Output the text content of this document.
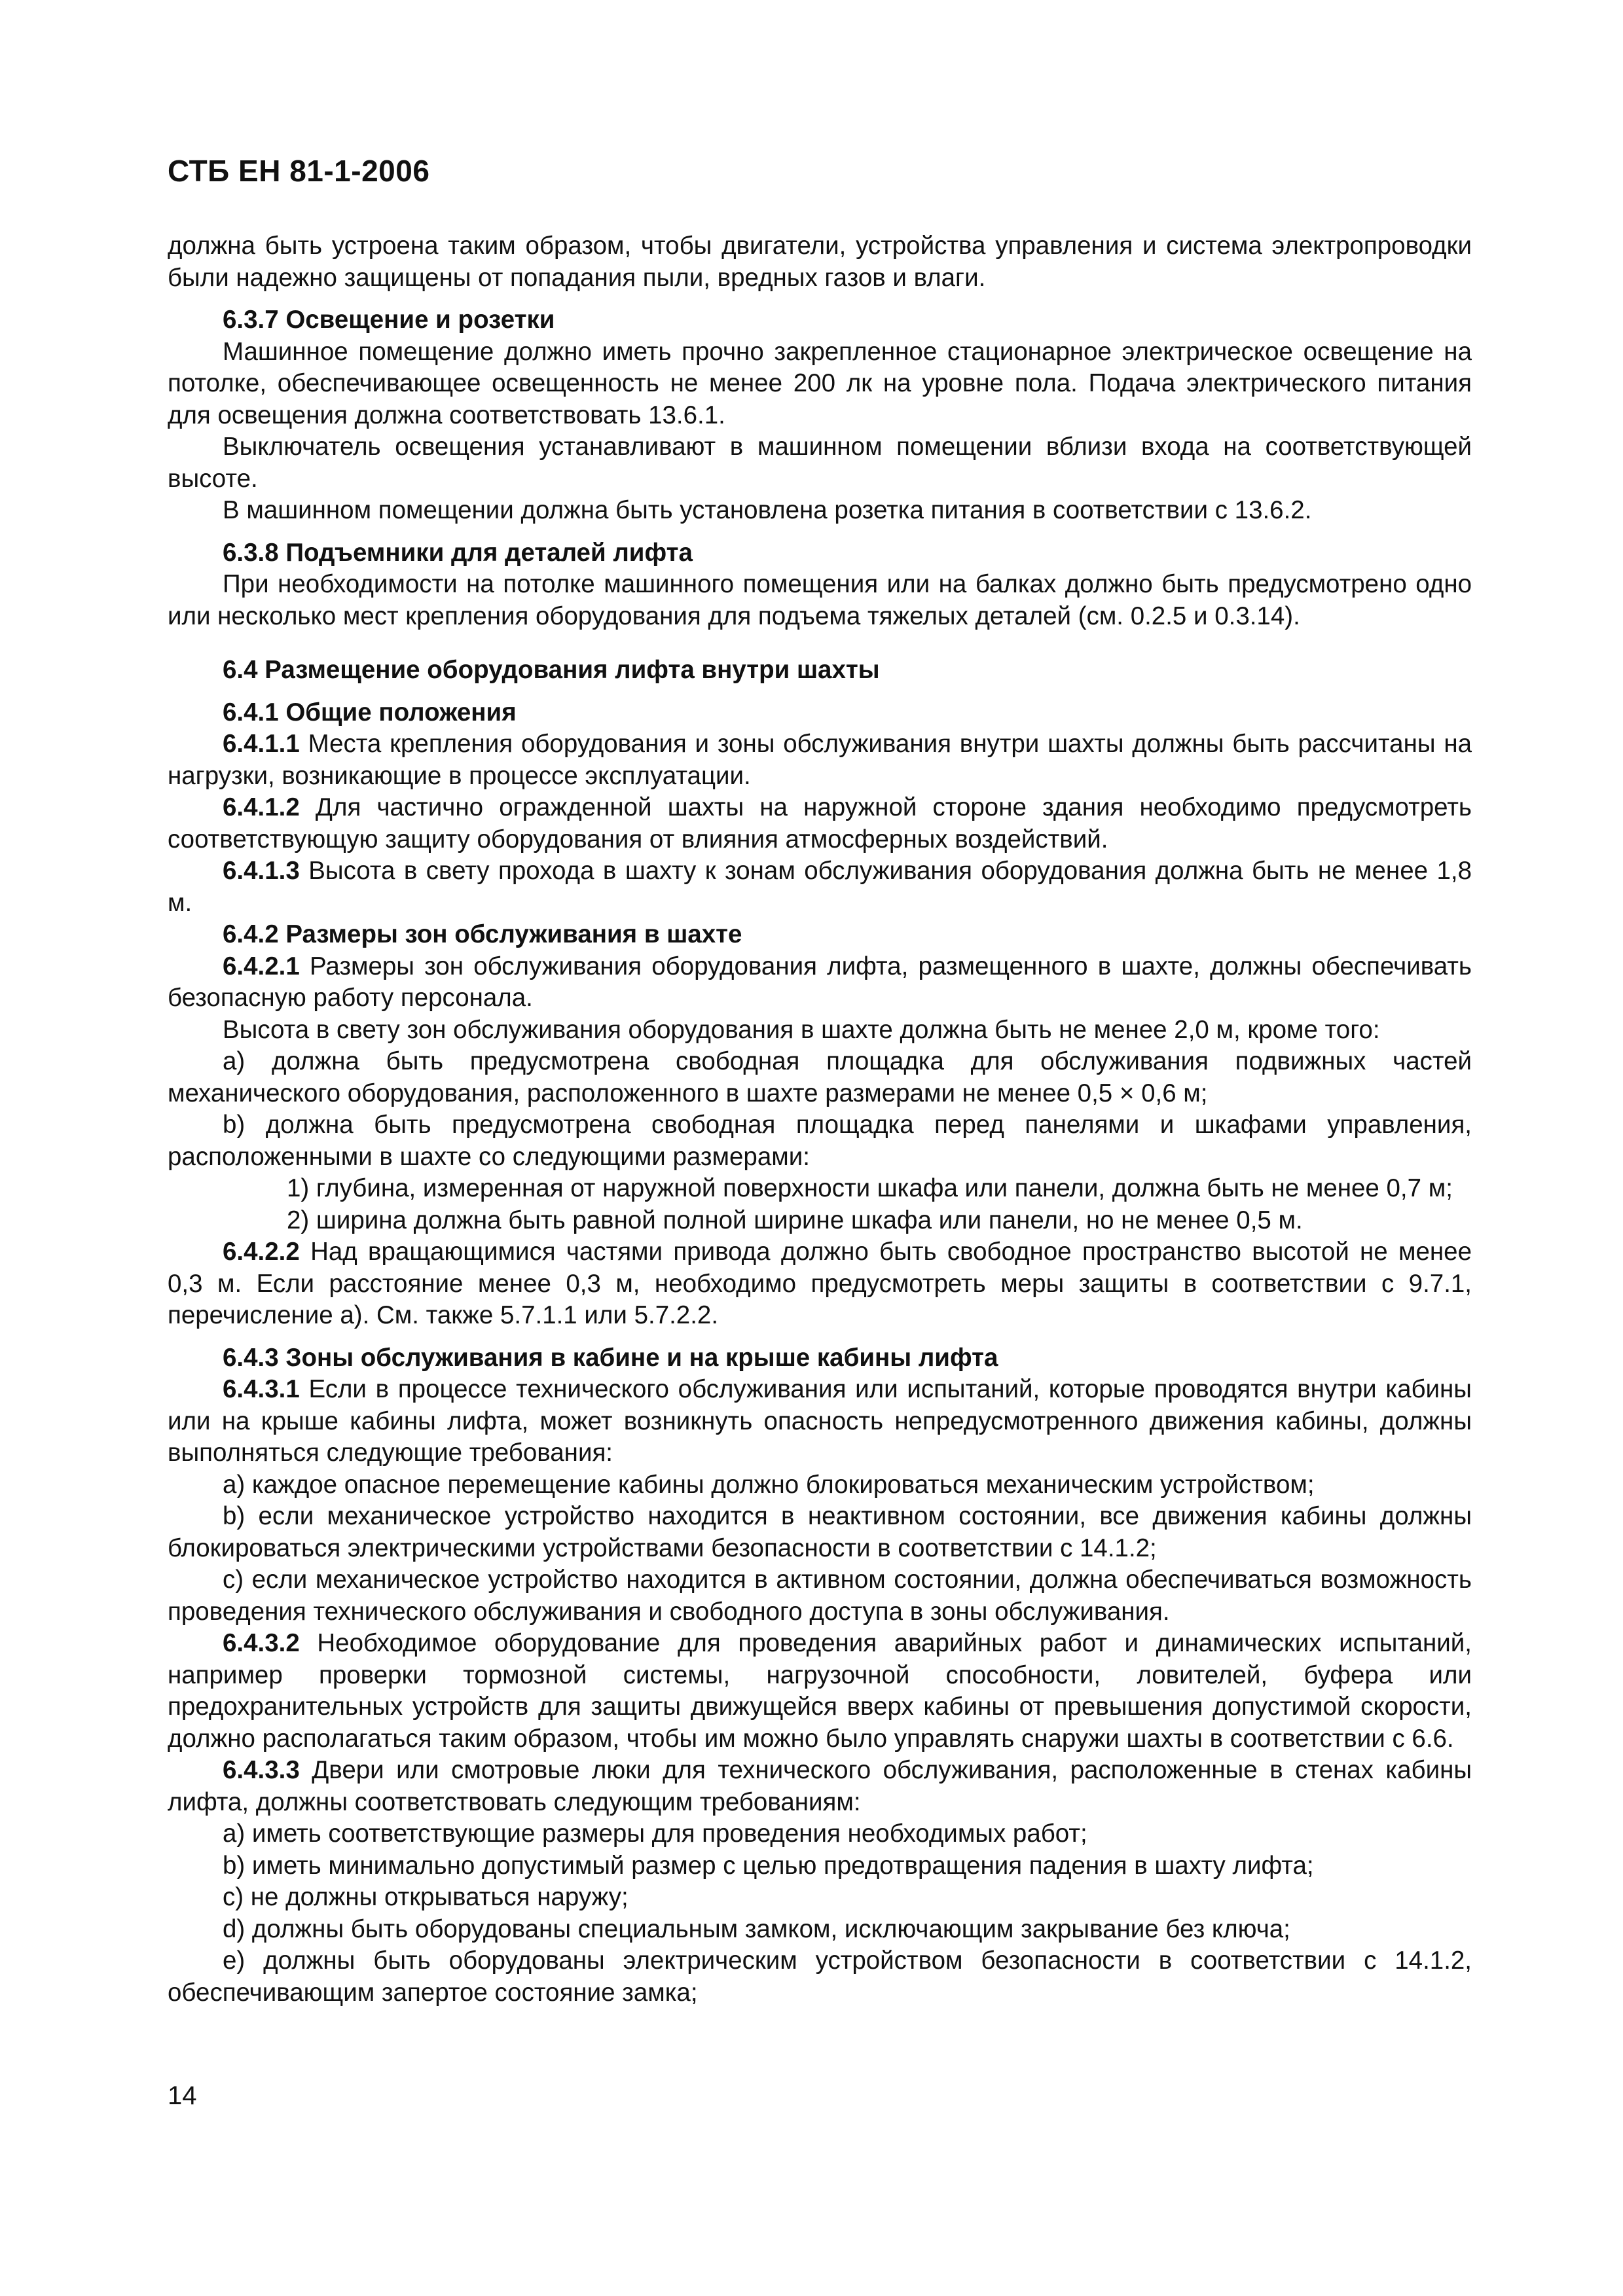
СТБ ЕН 81-1-2006

должна быть устроена таким образом, чтобы двигатели, устройства управления и система электропроводки были надежно защищены от попадания пыли, вредных газов и влаги.

6.3.7 Освещение и розетки

Машинное помещение должно иметь прочно закрепленное стационарное электрическое освещение на потолке, обеспечивающее освещенность не менее 200 лк на уровне пола. Подача электрического питания для освещения должна соответствовать 13.6.1.

Выключатель освещения устанавливают в машинном помещении вблизи входа на соответствующей высоте.

В машинном помещении должна быть установлена розетка питания в соответствии с 13.6.2.

6.3.8 Подъемники для деталей лифта

При необходимости на потолке машинного помещения или на балках должно быть предусмотрено одно или несколько мест крепления оборудования для подъема тяжелых деталей (см. 0.2.5 и 0.3.14).

6.4 Размещение оборудования лифта внутри шахты

6.4.1 Общие положения

6.4.1.1 Места крепления оборудования и зоны обслуживания внутри шахты должны быть рассчитаны на нагрузки, возникающие в процессе эксплуатации.

6.4.1.2 Для частично огражденной шахты на наружной стороне здания необходимо предусмотреть соответствующую защиту оборудования от влияния атмосферных воздействий.

6.4.1.3 Высота в свету прохода в шахту к зонам обслуживания оборудования должна быть не менее 1,8 м.

6.4.2 Размеры зон обслуживания в шахте

6.4.2.1 Размеры зон обслуживания оборудования лифта, размещенного в шахте, должны обеспечивать безопасную работу персонала.

Высота в свету зон обслуживания оборудования в шахте должна быть не менее 2,0 м, кроме того:

a) должна быть предусмотрена свободная площадка для обслуживания подвижных частей механического оборудования, расположенного в шахте размерами не менее 0,5 × 0,6 м;

b) должна быть предусмотрена свободная площадка перед панелями и шкафами управления, расположенными в шахте со следующими размерами:

1) глубина, измеренная от наружной поверхности шкафа или панели, должна быть не менее 0,7 м;

2) ширина должна быть равной полной ширине шкафа или панели, но не менее 0,5 м.

6.4.2.2 Над вращающимися частями привода должно быть свободное пространство высотой не менее 0,3 м. Если расстояние менее 0,3 м, необходимо предусмотреть меры защиты в соответствии с 9.7.1, перечисление a). См. также 5.7.1.1 или 5.7.2.2.

6.4.3 Зоны обслуживания в кабине и на крыше кабины лифта

6.4.3.1 Если в процессе технического обслуживания или испытаний, которые проводятся внутри кабины или на крыше кабины лифта, может возникнуть опасность непредусмотренного движения кабины, должны выполняться следующие требования:

a) каждое опасное перемещение кабины должно блокироваться механическим устройством;

b) если механическое устройство находится в неактивном состоянии, все движения кабины должны блокироваться электрическими устройствами безопасности в соответствии с 14.1.2;

c) если механическое устройство находится в активном состоянии, должна обеспечиваться возможность проведения технического обслуживания и свободного доступа в зоны обслуживания.

6.4.3.2 Необходимое оборудование для проведения аварийных работ и динамических испытаний, например проверки тормозной системы, нагрузочной способности, ловителей, буфера или предохранительных устройств для защиты движущейся вверх кабины от превышения допустимой скорости, должно располагаться таким образом, чтобы им можно было управлять снаружи шахты в соответствии с 6.6.

6.4.3.3 Двери или смотровые люки для технического обслуживания, расположенные в стенах кабины лифта, должны соответствовать следующим требованиям:

a) иметь соответствующие размеры для проведения необходимых работ;

b) иметь минимально допустимый размер с целью предотвращения падения в шахту лифта;

c) не должны открываться наружу;

d) должны быть оборудованы специальным замком, исключающим закрывание без ключа;

e) должны быть оборудованы электрическим устройством безопасности в соответствии с 14.1.2, обеспечивающим запертое состояние замка;

14
